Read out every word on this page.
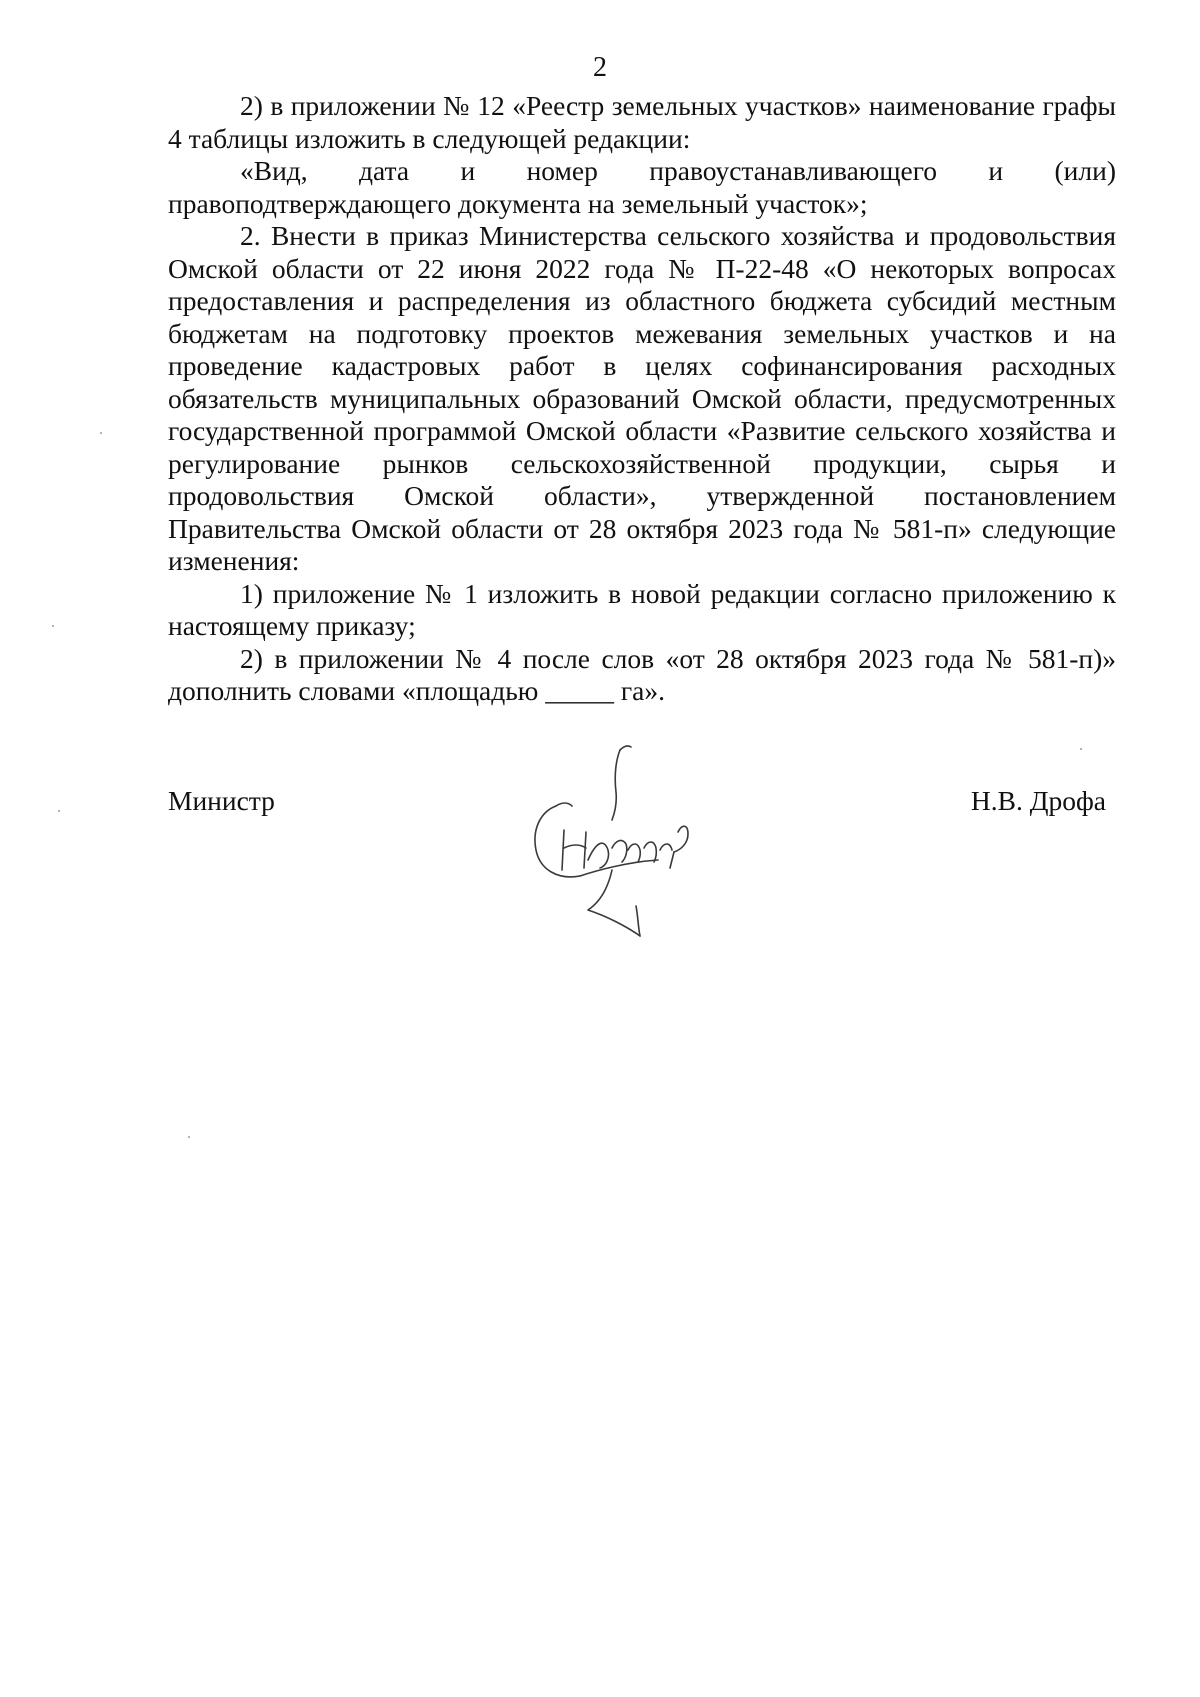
2

2) в приложении № 12 «Реестр земельных участков» наименование графы 4 таблицы изложить в следующей редакции:

«Вид, дата и номер правоустанавливающего и (или) правоподтверждающего документа на земельный участок»;

2. Внести в приказ Министерства сельского хозяйства и продовольствия Омской области от 22 июня 2022 года № П-22-48 «О некоторых вопросах предоставления и распределения из областного бюджета субсидий местным бюджетам на подготовку проектов межевания земельных участков и на проведение кадастровых работ в целях софинансирования расходных обязательств муниципальных образований Омской области, предусмотренных государственной программой Омской области «Развитие сельского хозяйства и регулирование рынков сельскохозяйственной продукции, сырья и продовольствия Омской области», утвержденной постановлением Правительства Омской области от 28 октября 2023 года № 581-п» следующие изменения:

1) приложение № 1 изложить в новой редакции согласно приложению к настоящему приказу;

2) в приложении № 4 после слов «от 28 октября 2023 года № 581-п)» дополнить словами «площадью _____ га».

Министр	Н.В. Дрофа
